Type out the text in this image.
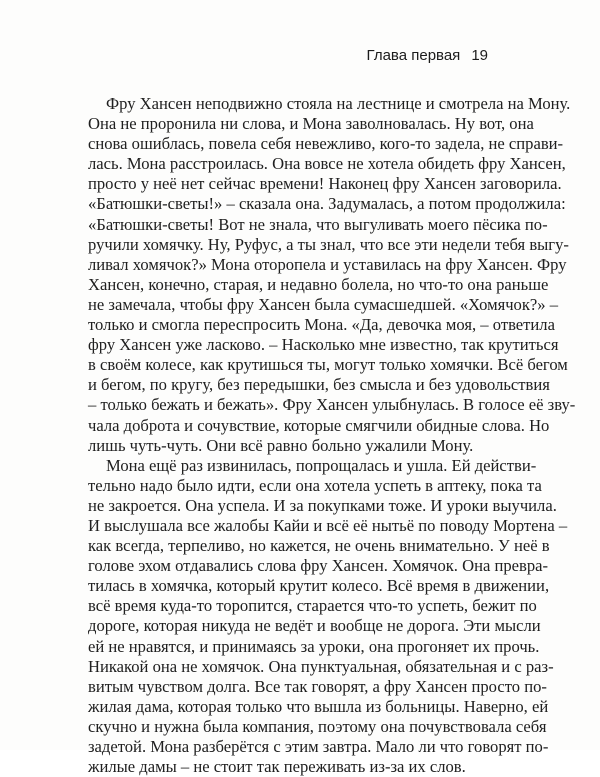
Глава первая 19

Фру Хансен неподвижно стояла на лестнице и смотрела на Мону.
Она не проронила ни слова, и Мона заволновалась. Ну вот, она
снова ошиблась, повела себя невежливо, кого-то задела, не справи-
лась. Мона расстроилась. Она вовсе не хотела обидеть фру Хансен,
просто у неё нет сейчас времени! Наконец фру Хансен заговорила.
«Батюшки-светы!» – сказала она. Задумалась, а потом продолжила:
«Батюшки-светы! Вот не знала, что выгуливать моего пёсика по-
ручили хомячку. Ну, Руфус, а ты знал, что все эти недели тебя выгу-
ливал хомячок?» Мона оторопела и уставилась на фру Хансен. Фру
Хансен, конечно, старая, и недавно болела, но что-то она раньше
не замечала, чтобы фру Хансен была сумасшедшей. «Хомячок?» –
только и смогла переспросить Мона. «Да, девочка моя, – ответила
фру Хансен уже ласково. – Насколько мне известно, так крутиться
в своём колесе, как крутишься ты, могут только хомячки. Всё бегом
и бегом, по кругу, без передышки, без смысла и без удовольствия
– только бежать и бежать». Фру Хансен улыбнулась. В голосе её зву-
чала доброта и сочувствие, которые смягчили обидные слова. Но
лишь чуть-чуть. Они всё равно больно ужалили Мону.

Мона ещё раз извинилась, попрощалась и ушла. Ей действи-
тельно надо было идти, если она хотела успеть в аптеку, пока та
не закроется. Она успела. И за покупками тоже. И уроки выучила.
И выслушала все жалобы Кайи и всё её нытьё по поводу Мортена –
как всегда, терпеливо, но кажется, не очень внимательно. У неё в
голове эхом отдавались слова фру Хансен. Хомячок. Она превра-
тилась в хомячка, который крутит колесо. Всё время в движении,
всё время куда-то торопится, старается что-то успеть, бежит по
дороге, которая никуда не ведёт и вообще не дорога. Эти мысли
ей не нравятся, и принимаясь за уроки, она прогоняет их прочь.
Никакой она не хомячок. Она пунктуальная, обязательная и с раз-
витым чувством долга. Все так говорят, а фру Хансен просто по-
жилая дама, которая только что вышла из больницы. Наверно, ей
скучно и нужна была компания, поэтому она почувствовала себя
задетой. Мона разберётся с этим завтра. Мало ли что говорят по-
жилые дамы – не стоит так переживать из-за их слов.
